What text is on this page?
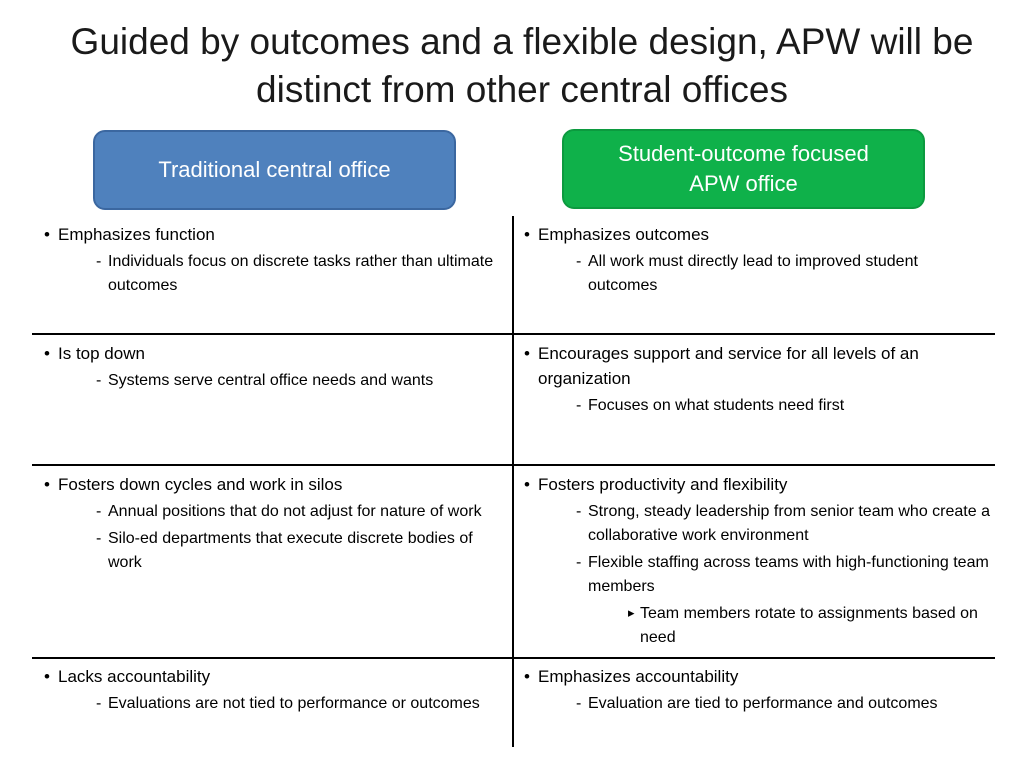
Guided by outcomes and a flexible design, APW will be distinct from other central offices
Traditional central office
Student-outcome focused APW office
• Emphasizes function
- Individuals focus on discrete tasks rather than ultimate outcomes
• Emphasizes outcomes
- All work must directly lead to improved student outcomes
• Is top down
- Systems serve central office needs and wants
• Encourages support and service for all levels of an organization
- Focuses on what students need first
• Fosters down cycles and work in silos
- Annual positions that do not adjust for nature of work
- Silo-ed departments that execute discrete bodies of work
• Fosters productivity and flexibility
- Strong, steady leadership from senior team who create a collaborative work environment
- Flexible staffing across teams with high-functioning team members
▸ Team members rotate to assignments based on need
• Lacks accountability
- Evaluations are not tied to performance or outcomes
• Emphasizes accountability
- Evaluation are tied to performance and outcomes
